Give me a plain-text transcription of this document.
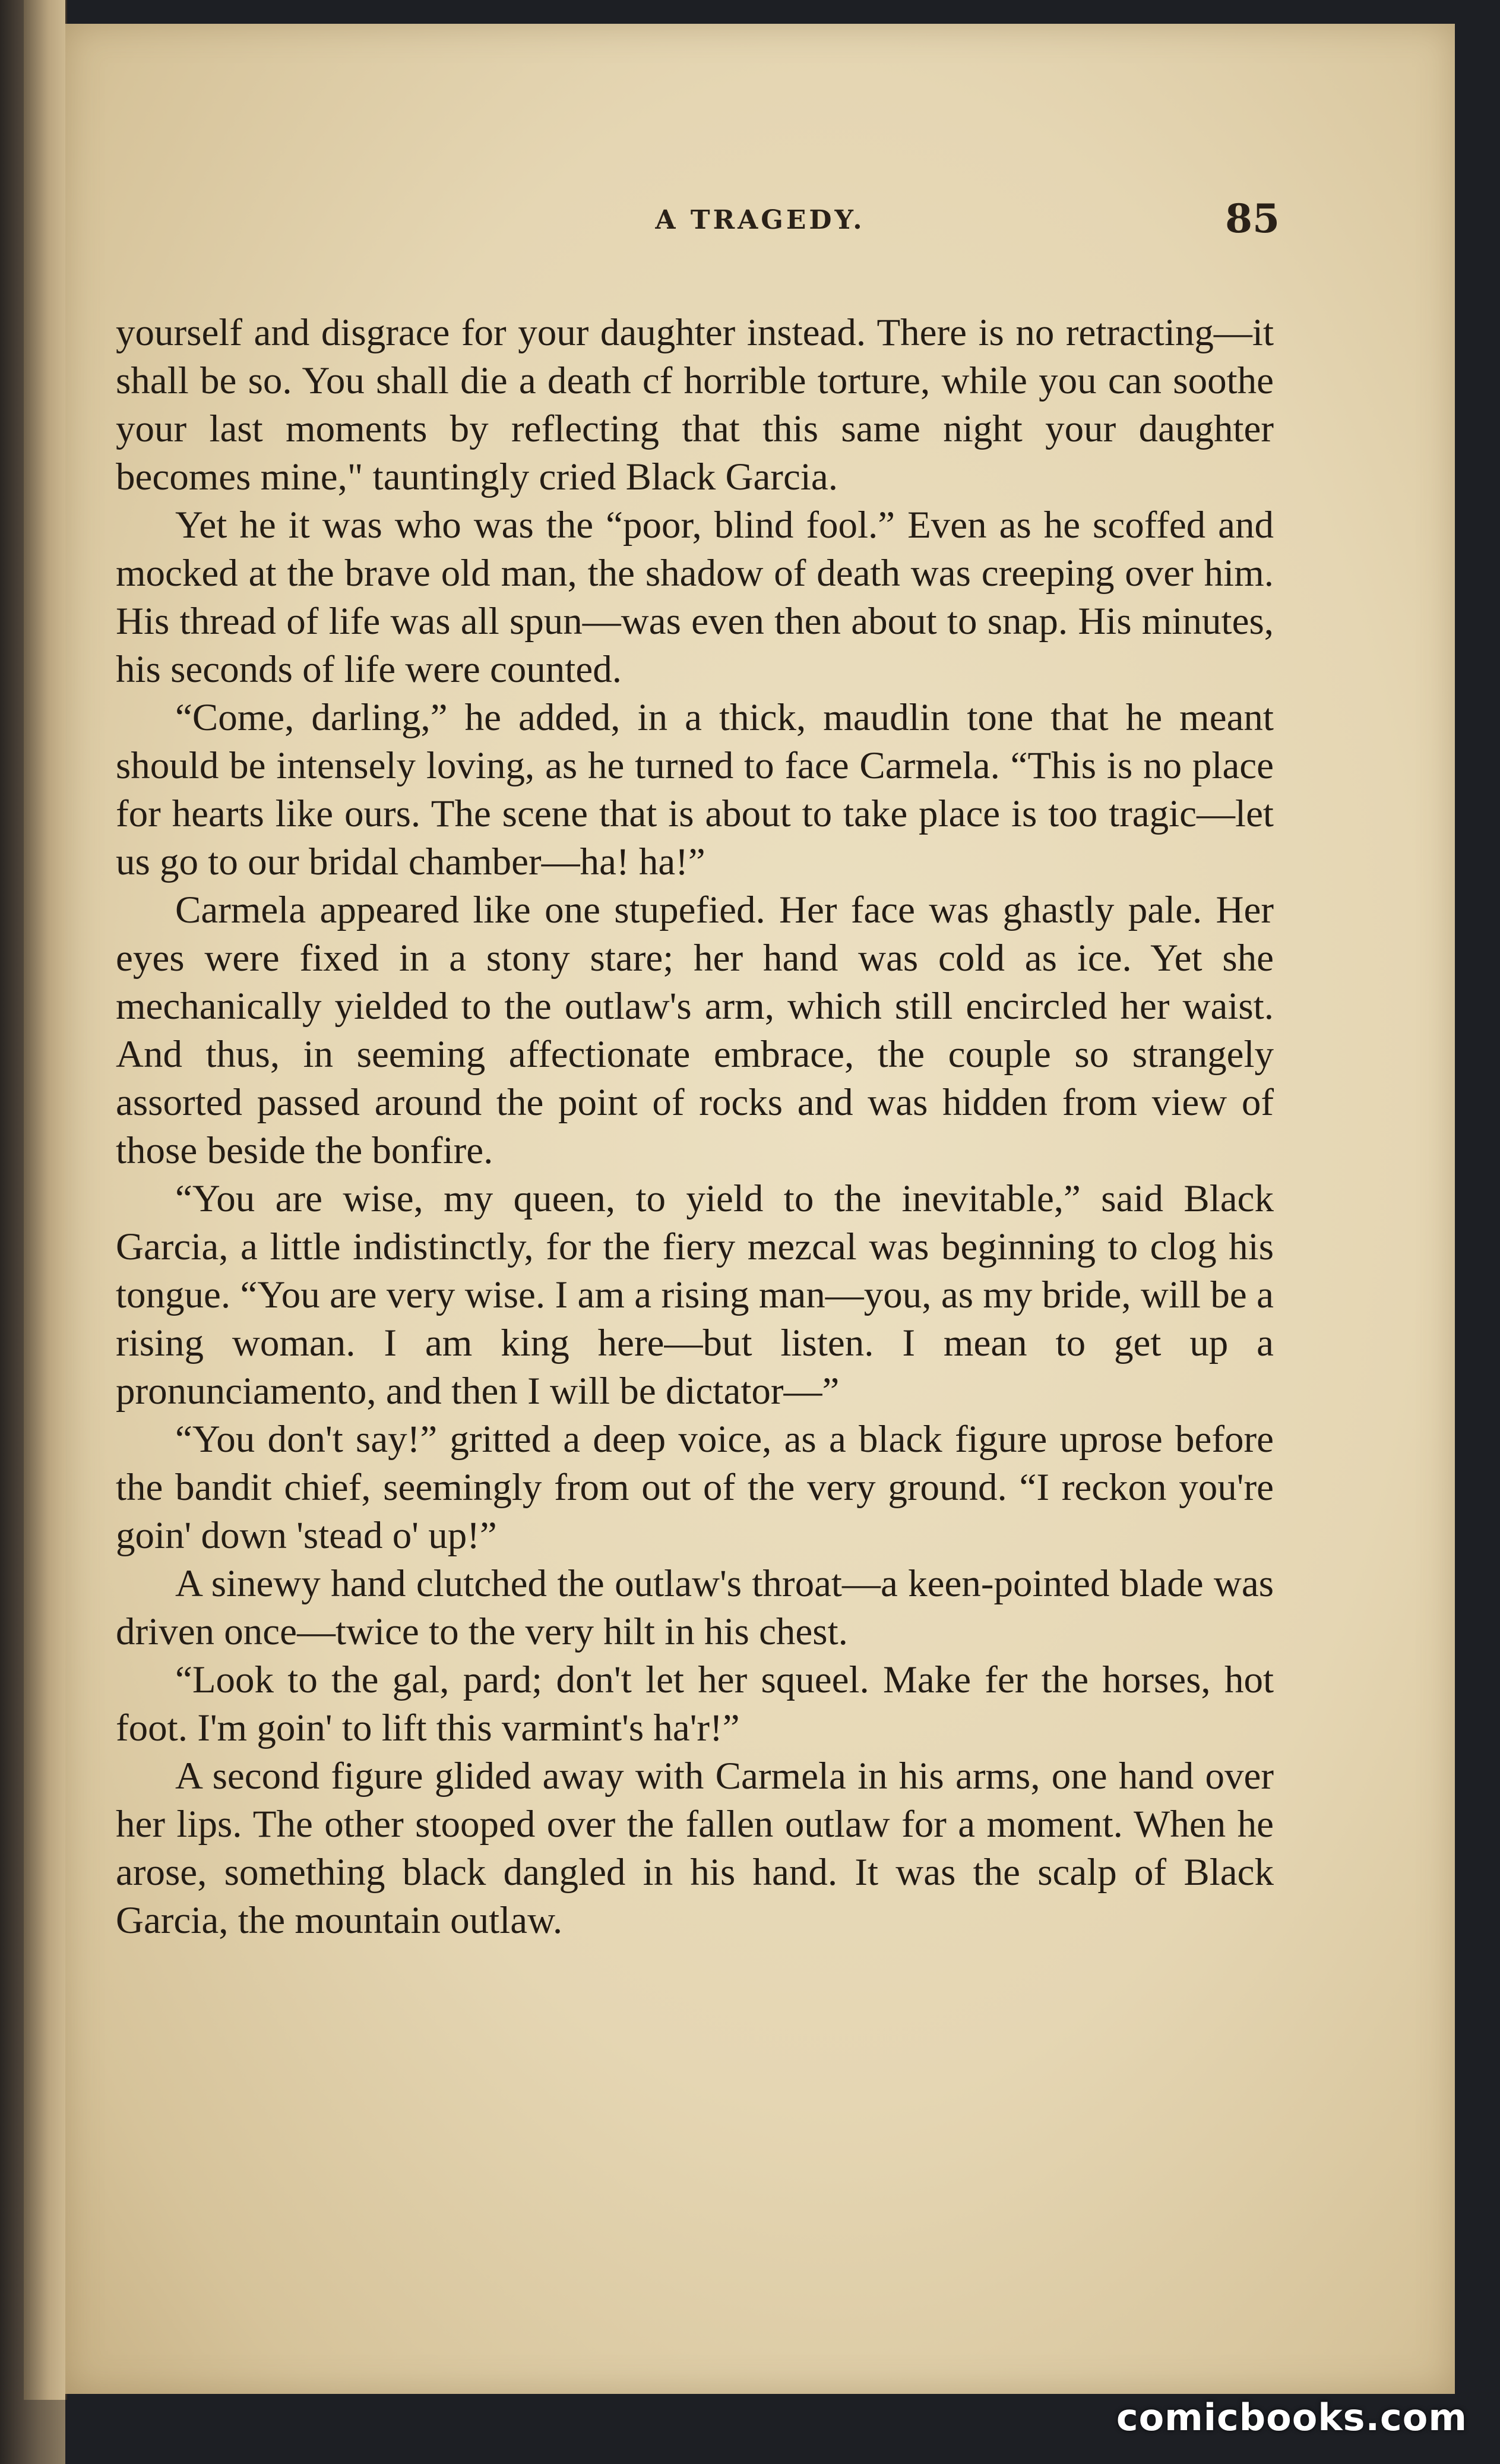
A TRAGEDY.	85

yourself and disgrace for your daughter instead. There is no retracting—it shall be so. You shall die a death cf horrible torture, while you can soothe your last moments by reflecting that this same night your daughter becomes mine," tauntingly cried Black Garcia.

Yet he it was who was the “poor, blind fool.” Even as he scoffed and mocked at the brave old man, the shadow of death was creeping over him. His thread of life was all spun—was even then about to snap. His minutes, his seconds of life were counted.

“Come, darling,” he added, in a thick, maudlin tone that he meant should be intensely loving, as he turned to face Carmela. “This is no place for hearts like ours. The scene that is about to take place is too tragic—let us go to our bridal chamber—ha! ha!”

Carmela appeared like one stupefied. Her face was ghastly pale. Her eyes were fixed in a stony stare; her hand was cold as ice. Yet she mechanically yielded to the outlaw's arm, which still encircled her waist. And thus, in seeming affectionate embrace, the couple so strangely assorted passed around the point of rocks and was hidden from view of those beside the bonfire.

“You are wise, my queen, to yield to the inevitable,” said Black Garcia, a little indistinctly, for the fiery mezcal was beginning to clog his tongue. “You are very wise. I am a rising man—you, as my bride, will be a rising woman. I am king here—but listen. I mean to get up a pronunciamento, and then I will be dictator—”

“You don't say!” gritted a deep voice, as a black figure uprose before the bandit chief, seemingly from out of the very ground. “I reckon you're goin' down 'stead o' up!”

A sinewy hand clutched the outlaw's throat—a keen-pointed blade was driven once—twice to the very hilt in his chest.

“Look to the gal, pard; don't let her squeel. Make fer the horses, hot foot. I'm goin' to lift this varmint's ha'r!”

A second figure glided away with Carmela in his arms, one hand over her lips. The other stooped over the fallen outlaw for a moment. When he arose, something black dangled in his hand. It was the scalp of Black Garcia, the mountain outlaw.

comicbooks.com
